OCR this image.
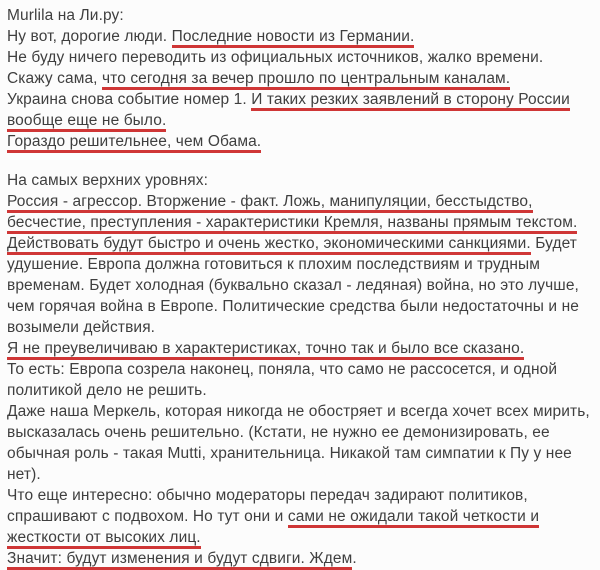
Murlila на Ли.ру:
Ну вот, дорогие люди. Последние новости из Германии.
Не буду ничего переводить из официальных источников, жалко времени.
Скажу сама, что сегодня за вечер прошло по центральным каналам.
Украина снова событие номер 1. И таких резких заявлений в сторону России
вообще еще не было.
Гораздо решительнее, чем Обама.
На самых верхних уровнях:
Россия - агрессор. Вторжение - факт. Ложь, манипуляции, бесстыдство,
бесчестие, преступления - характеристики Кремля, названы прямым текстом.
Действовать будут быстро и очень жестко, экономическими санкциями. Будет
удушение. Европа должна готовиться к плохим последствиям и трудным
временам. Будет холодная (буквально сказал - ледяная) война, но это лучше,
чем горячая война в Европе. Политические средства были недостаточны и не
возымели действия.
Я не преувеличиваю в характеристиках, точно так и было все сказано.
То есть: Европа созрела наконец, поняла, что само не рассосется, и одной
политикой дело не решить.
Даже наша Меркель, которая никогда не обостряет и всегда хочет всех мирить,
высказалась очень решительно. (Кстати, не нужно ее демонизировать, ее
обычная роль - такая Mutti, хранительница. Никакой там симпатии к Пу у нее
нет).
Что еще интересно: обычно модераторы передач задирают политиков,
спрашивают с подвохом. Но тут они и сами не ожидали такой четкости и
жесткости от высоких лиц.
Значит: будут изменения и будут сдвиги. Ждем.
